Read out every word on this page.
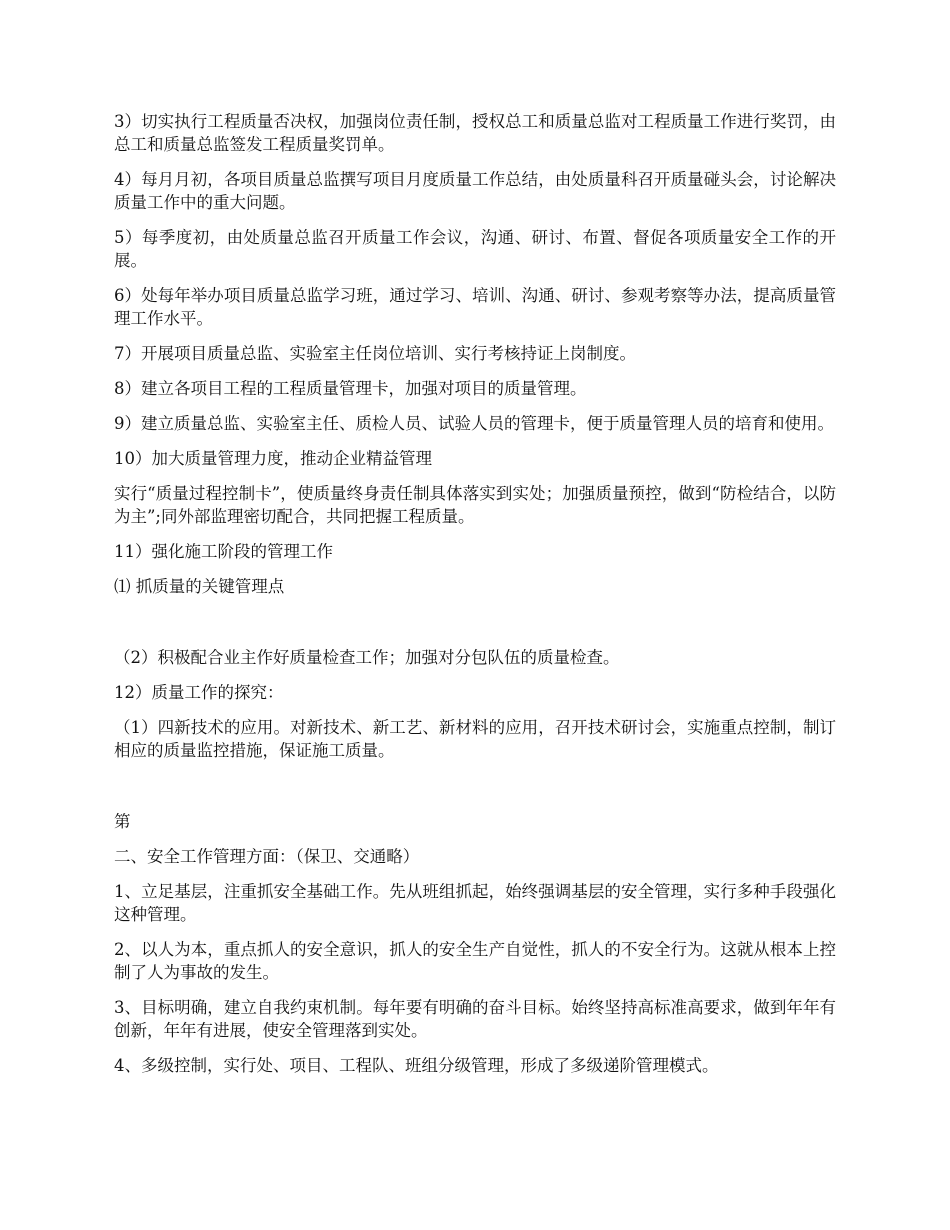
3）切实执行工程质量否决权，加强岗位责任制，授权总工和质量总监对工程质量工作进行奖罚，由总工和质量总监签发工程质量奖罚单。

4）每月月初，各项目质量总监撰写项目月度质量工作总结，由处质量科召开质量碰头会，讨论解决质量工作中的重大问题。

5）每季度初，由处质量总监召开质量工作会议，沟通、研讨、布置、督促各项质量安全工作的开展。

6）处每年举办项目质量总监学习班，通过学习、培训、沟通、研讨、参观考察等办法，提高质量管理工作水平。

7）开展项目质量总监、实验室主任岗位培训、实行考核持证上岗制度。

8）建立各项目工程的工程质量管理卡，加强对项目的质量管理。

9）建立质量总监、实验室主任、质检人员、试验人员的管理卡，便于质量管理人员的培育和使用。

10）加大质量管理力度，推动企业精益管理

实行“质量过程控制卡”，使质量终身责任制具体落实到实处；加强质量预控，做到“防检结合，以防为主”;同外部监理密切配合，共同把握工程质量。

11）强化施工阶段的管理工作

⑴ 抓质量的关键管理点

（2）积极配合业主作好质量检查工作；加强对分包队伍的质量检查。

12）质量工作的探究：

（1）四新技术的应用。对新技术、新工艺、新材料的应用，召开技术研讨会，实施重点控制，制订相应的质量监控措施，保证施工质量。

第

二、安全工作管理方面：（保卫、交通略）

1、立足基层，注重抓安全基础工作。先从班组抓起，始终强调基层的安全管理，实行多种手段强化这种管理。

2、以人为本，重点抓人的安全意识，抓人的安全生产自觉性，抓人的不安全行为。这就从根本上控制了人为事故的发生。

3、目标明确，建立自我约束机制。每年要有明确的奋斗目标。始终坚持高标准高要求，做到年年有创新，年年有进展，使安全管理落到实处。

4、多级控制，实行处、项目、工程队、班组分级管理，形成了多级递阶管理模式。
